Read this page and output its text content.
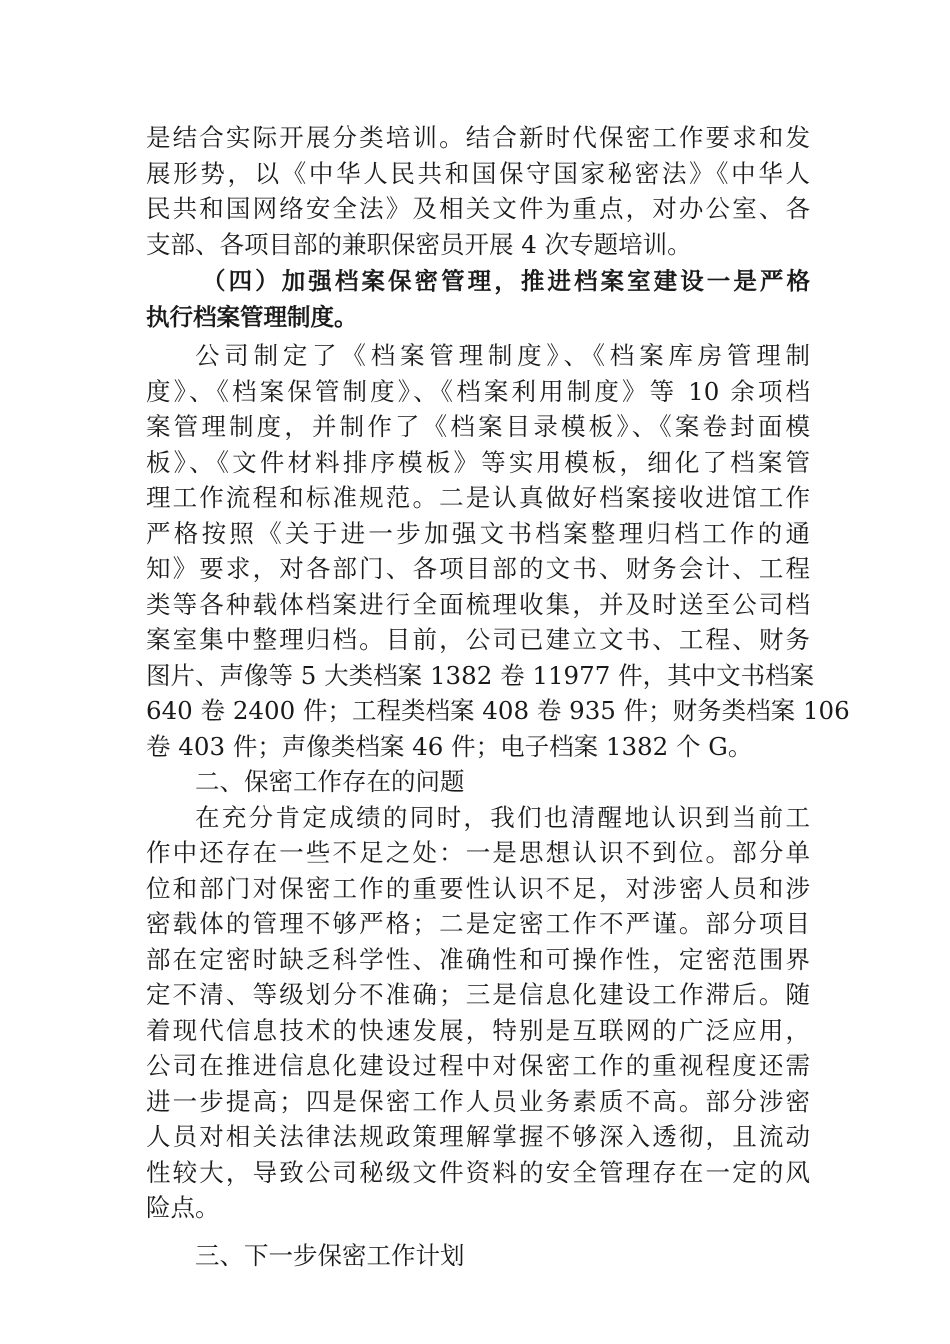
是结合实际开展分类培训。结合新时代保密工作要求和发
展形势，以《中华人民共和国保守国家秘密法》《中华人
民共和国网络安全法》及相关文件为重点，对办公室、各
支部、各项目部的兼职保密员开展 4 次专题培训。
（四）加强档案保密管理，推进档案室建设一是严格
执行档案管理制度。
公司制定了《档案管理制度》、《档案库房管理制
度》、《档案保管制度》、《档案利用制度》等 10 余项档
案管理制度，并制作了《档案目录模板》、《案卷封面模
板》、《文件材料排序模板》等实用模板，细化了档案管
理工作流程和标准规范。二是认真做好档案接收进馆工作
严格按照《关于进一步加强文书档案整理归档工作的通
知》要求，对各部门、各项目部的文书、财务会计、工程
类等各种载体档案进行全面梳理收集，并及时送至公司档
案室集中整理归档。目前，公司已建立文书、工程、财务
图片、声像等 5 大类档案 1382 卷 11977 件，其中文书档案
640 卷 2400 件；工程类档案 408 卷 935 件；财务类档案 106
卷 403 件；声像类档案 46 件；电子档案 1382 个 G。
二、保密工作存在的问题
在充分肯定成绩的同时，我们也清醒地认识到当前工
作中还存在一些不足之处：一是思想认识不到位。部分单
位和部门对保密工作的重要性认识不足，对涉密人员和涉
密载体的管理不够严格；二是定密工作不严谨。部分项目
部在定密时缺乏科学性、准确性和可操作性，定密范围界
定不清、等级划分不准确；三是信息化建设工作滞后。随
着现代信息技术的快速发展，特别是互联网的广泛应用，
公司在推进信息化建设过程中对保密工作的重视程度还需
进一步提高；四是保密工作人员业务素质不高。部分涉密
人员对相关法律法规政策理解掌握不够深入透彻，且流动
性较大，导致公司秘级文件资料的安全管理存在一定的风
险点。
三、下一步保密工作计划
